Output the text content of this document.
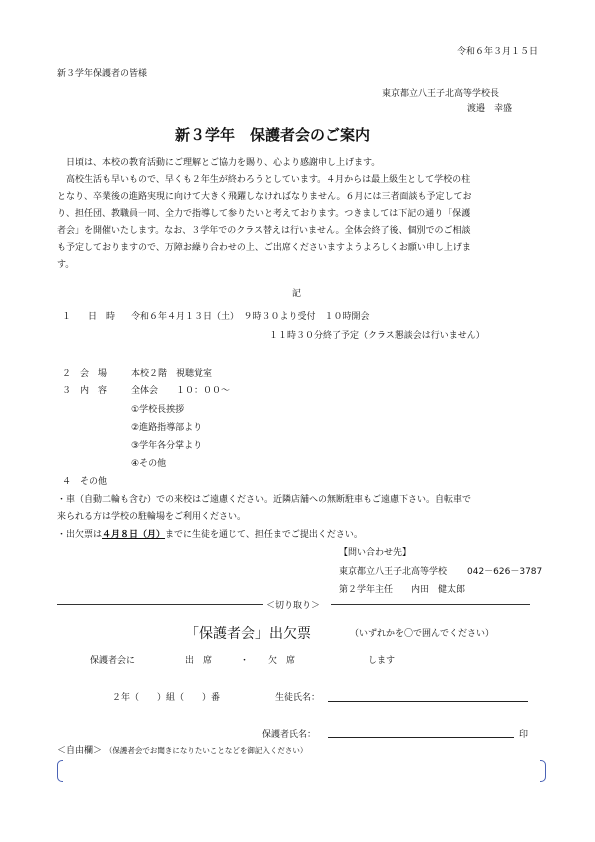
令和６年３月１５日
新３学年保護者の皆様
東京都立八王子北高等学校長
渡邉　幸盛
新３学年　保護者会のご案内
日頃は、本校の教育活動にご理解とご協力を賜り、心より感謝申し上げます。
高校生活も早いもので、早くも２年生が終わろうとしています。４月からは最上級生として学校の柱
となり、卒業後の進路実現に向けて大きく飛躍しなければなりません。６月には三者面談も予定してお
り、担任団、教職員一同、全力で指導して参りたいと考えております。つきましては下記の通り「保護
者会」を開催いたします。なお、３学年でのクラス替えは行いません。全体会終了後、個別でのご相談
も予定しておりますので、万障お繰り合わせの上、ご出席くださいますようよろしくお願い申し上げま
す。
記
１ 日　時 令和６年４月１３日（土）　９時３０より受付　１０時開会
１１時３０分終了予定（クラス懇談会は行いません）
２ 会　場	本校２階　視聴覚室
３ 内　容	全体会　　１０：００～
①学校長挨拶
②進路指導部より
③学年各分掌より
④その他
４ その他
・車（自動二輪も含む）での来校はご遠慮ください。近隣店舗への無断駐車もご遠慮下さい。自転車で
来られる方は学校の駐輪場をご利用ください。
・出欠票は４月８日（月）までに生徒を通じて、担任までご提出ください。
【問い合わせ先】
東京都立八王子北高等学校 042－626－3787
第２学年主任　　内田　健太郎
＜切り取り＞
「保護者会」出欠票	（いずれかを〇で囲んでください）
保護者会に	出　席	・ 欠　席	します
２年（　　）組（　　）番	生徒氏名：
保護者氏名：	印
＜自由欄＞ （保護者会でお聞きになりたいことなどを御記入ください）
